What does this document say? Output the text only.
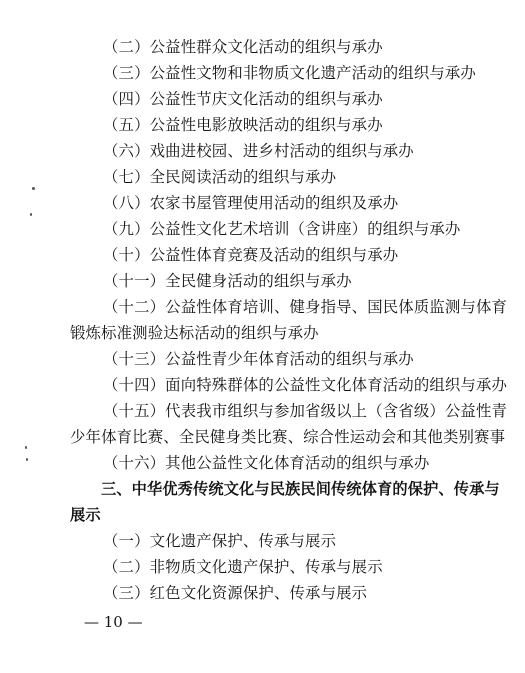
（二）公益性群众文化活动的组织与承办
（三）公益性文物和非物质文化遗产活动的组织与承办
（四）公益性节庆文化活动的组织与承办
（五）公益性电影放映活动的组织与承办
（六）戏曲进校园、进乡村活动的组织与承办
（七）全民阅读活动的组织与承办
（八）农家书屋管理使用活动的组织及承办
（九）公益性文化艺术培训（含讲座）的组织与承办
（十）公益性体育竞赛及活动的组织与承办
（十一）全民健身活动的组织与承办
（十二）公益性体育培训、健身指导、国民体质监测与体育
锻炼标准测验达标活动的组织与承办
（十三）公益性青少年体育活动的组织与承办
（十四）面向特殊群体的公益性文化体育活动的组织与承办
（十五）代表我市组织与参加省级以上（含省级）公益性青
少年体育比赛、全民健身类比赛、综合性运动会和其他类别赛事
（十六）其他公益性文化体育活动的组织与承办
三、中华优秀传统文化与民族民间传统体育的保护、传承与
展示
（一）文化遗产保护、传承与展示
（二）非物质文化遗产保护、传承与展示
（三）红色文化资源保护、传承与展示
— 10 —
